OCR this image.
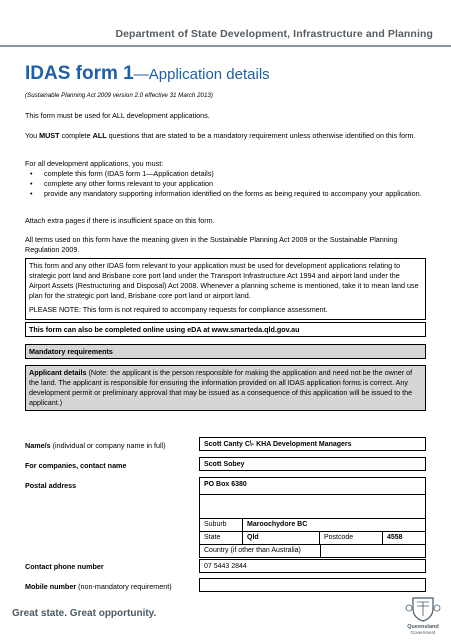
Department of State Development, Infrastructure and Planning
IDAS form 1—Application details
(Sustainable Planning Act 2009 version 2.0 effective 31 March 2013)
This form must be used for ALL development applications.
You MUST complete ALL questions that are stated to be a mandatory requirement unless otherwise identified on this form.
For all development applications, you must:
• complete this form (IDAS form 1—Application details)
• complete any other forms relevant to your application
• provide any mandatory supporting information identified on the forms as being required to accompany your application.
Attach extra pages if there is insufficient space on this form.
All terms used on this form have the meaning given in the Sustainable Planning Act 2009 or the Sustainable Planning Regulation 2009.
This form and any other IDAS form relevant to your application must be used for development applications relating to strategic port land and Brisbane core port land under the Transport Infrastructure Act 1994 and airport land under the Airport Assets (Restructuring and Disposal) Act 2008. Whenever a planning scheme is mentioned, take it to mean land use plan for the strategic port land, Brisbane core port land or airport land.
PLEASE NOTE: This form is not required to accompany requests for compliance assessment.
This form can also be completed online using eDA at www.smarteda.qld.gov.au
Mandatory requirements
Applicant details (Note: the applicant is the person responsible for making the application and need not be the owner of the land. The applicant is responsible for ensuring the information provided on all IDAS application forms is correct. Any development permit or preliminary approval that may be issued as a consequence of this application will be issued to the applicant.)
Name/s (individual or company name in full)	Scott Canty C\- KHA Development Managers
For companies, contact name	Scott Sobey
Postal address	PO Box 6380
Suburb	Maroochydore BC
State	Qld	Postcode	4558
Country (if other than Australia)
Contact phone number	07 5443 2844
Mobile number (non-mandatory requirement)
Great state. Great opportunity.
Queensland
Government
